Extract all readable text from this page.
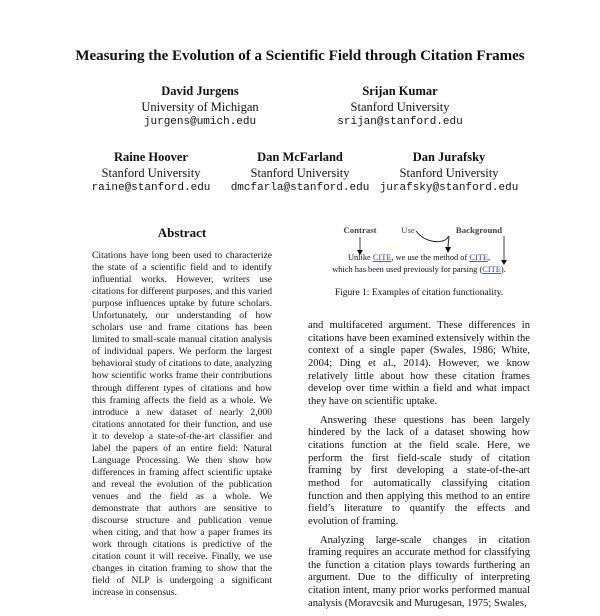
Measuring the Evolution of a Scientific Field through Citation Frames
David Jurgens
University of Michigan
jurgens@umich.edu
Srijan Kumar
Stanford University
srijan@stanford.edu
Raine Hoover
Stanford University
raine@stanford.edu
Dan McFarland
Stanford University
dmcfarla@stanford.edu
Dan Jurafsky
Stanford University
jurafsky@stanford.edu
Abstract
Citations have long been used to characterize the state of a scientific field and to identify influential works. However, writers use citations for different purposes, and this varied purpose influences uptake by future scholars. Unfortunately, our understanding of how scholars use and frame citations has been limited to small-scale manual citation analysis of individual papers. We perform the largest behavioral study of citations to date, analyzing how scientific works frame their contributions through different types of citations and how this framing affects the field as a whole. We introduce a new dataset of nearly 2,000 citations annotated for their function, and use it to develop a state-of-the-art classifier and label the papers of an entire field: Natural Language Processing. We then show how differences in framing affect scientific uptake and reveal the evolution of the publication venues and the field as a whole. We demonstrate that authors are sensitive to discourse structure and publication venue when citing, and that how a paper frames its work through citations is predictive of the citation count it will receive. Finally, we use changes in citation framing to show that the field of NLP is undergoing a significant increase in consensus.
Contrast	Use	Background
Unlike CITE, we use the method of CITE,
which has been used previously for parsing (CITE).
Figure 1: Examples of citation functionality.

and multifaceted argument. These differences in citations have been examined extensively within the context of a single paper (Swales, 1986; White, 2004; Ding et al., 2014). However, we know relatively little about how these citation frames develop over time within a field and what impact they have on scientific uptake.

Answering these questions has been largely hindered by the lack of a dataset showing how citations function at the field scale. Here, we perform the first field-scale study of citation framing by first developing a state-of-the-art method for automatically classifying citation function and then applying this method to an entire field’s literature to quantify the effects and evolution of framing.

Analyzing large-scale changes in citation framing requires an accurate method for classifying the function a citation plays towards furthering an argument. Due to the difficulty of interpreting citation intent, many prior works performed manual analysis (Moravcsik and Murugesan, 1975; Swales,
